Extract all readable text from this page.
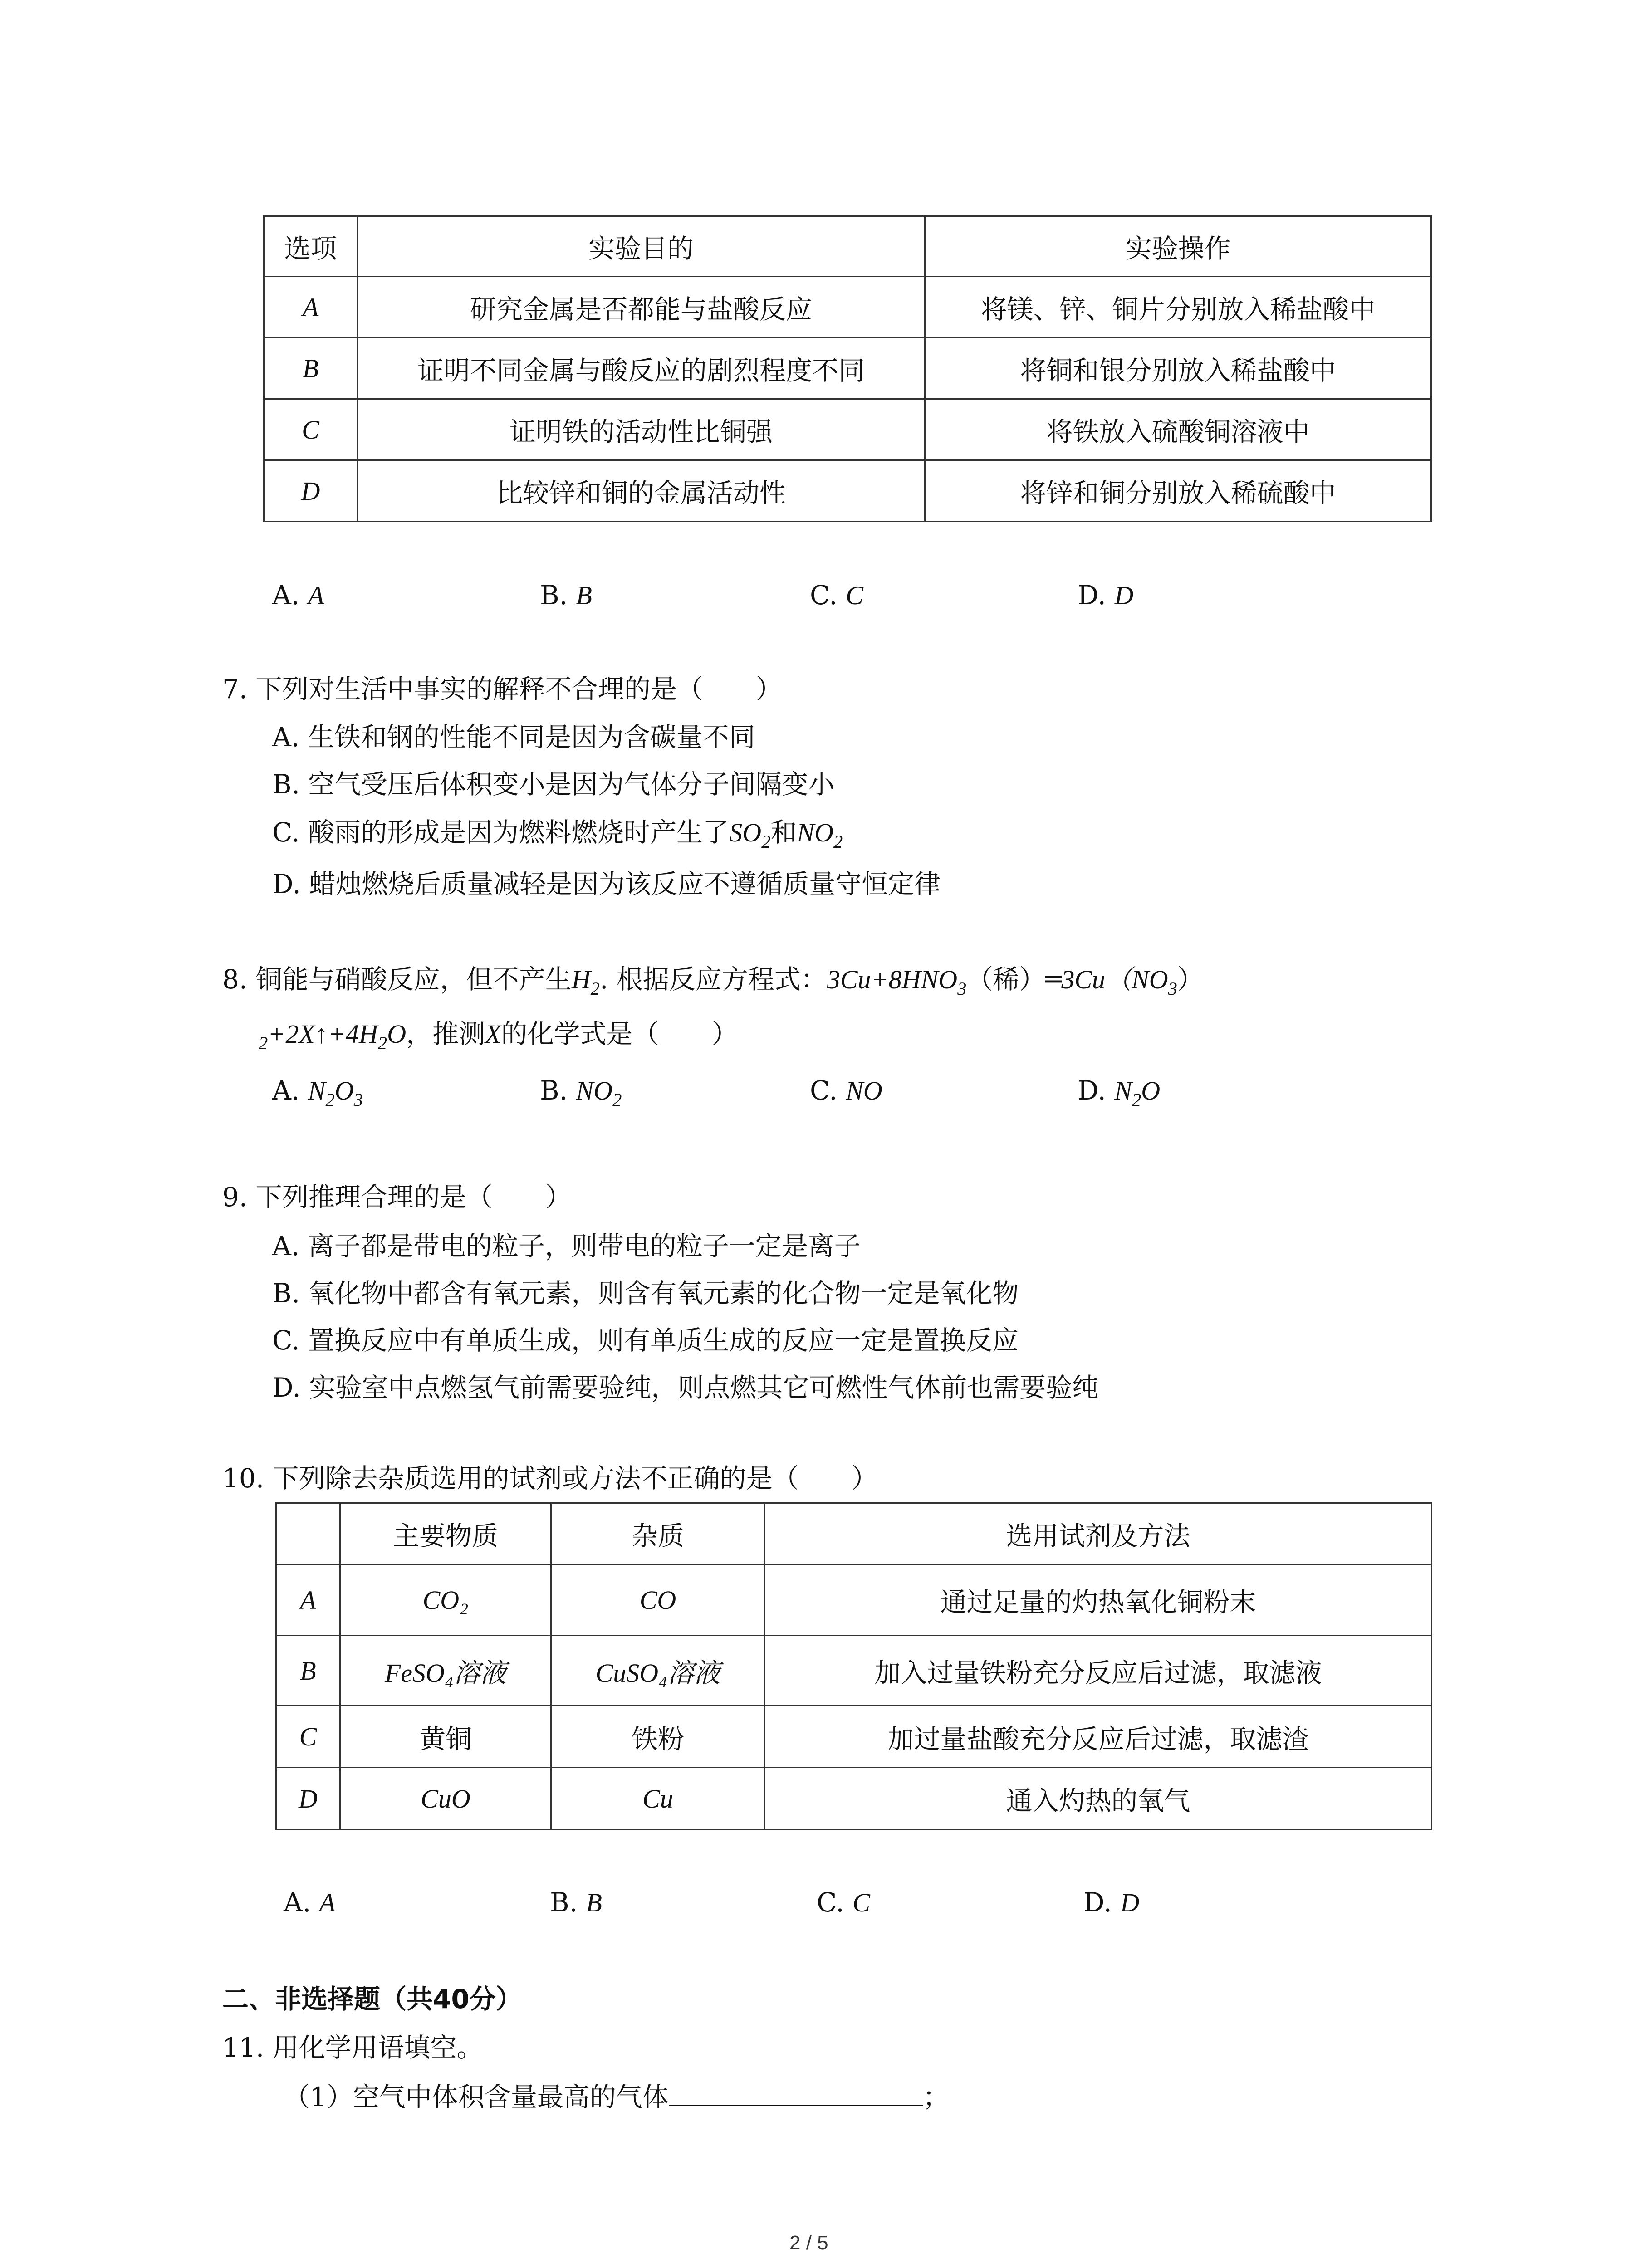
选项	实验目的	实验操作
A	研究金属是否都能与盐酸反应	将镁、锌、铜片分别放入稀盐酸中
B	证明不同金属与酸反应的剧烈程度不同	将铜和银分别放入稀盐酸中
C	证明铁的活动性比铜强	将铁放入硫酸铜溶液中
D	比较锌和铜的金属活动性	将锌和铜分别放入稀硫酸中
A. A	B. B	C. C	D. D
7. 下列对生活中事实的解释不合理的是（　　）
A. 生铁和钢的性能不同是因为含碳量不同
B. 空气受压后体积变小是因为气体分子间隔变小
C. 酸雨的形成是因为燃料燃烧时产生了$SO_2$和$NO_2$
D. 蜡烛燃烧后质量减轻是因为该反应不遵循质量守恒定律
8. 铜能与硝酸反应，但不产生$H_2$. 根据反应方程式：$3Cu+8HNO_3$（稀）$═3Cu(NO_3)$
$_2+2X↑+4H_2O$，推测X的化学式是（　　）
A. $N_2O_3$	B. $NO_2$	C. NO	D. $N_2O$
9. 下列推理合理的是（　　）
A. 离子都是带电的粒子，则带电的粒子一定是离子
B. 氧化物中都含有氧元素，则含有氧元素的化合物一定是氧化物
C. 置换反应中有单质生成，则有单质生成的反应一定是置换反应
D. 实验室中点燃氢气前需要验纯，则点燃其它可燃性气体前也需要验纯
10. 下列除去杂质选用的试剂或方法不正确的是（　　）
	主要物质	杂质	选用试剂及方法
A	CO₂	CO	通过足量的灼热氧化铜粉末
B	FeSO₄溶液	CuSO₄溶液	加入过量铁粉充分反应后过滤，取滤液
C	黄铜	铁粉	加过量盐酸充分反应后过滤，取滤渣
D	CuO	Cu	通入灼热的氧气
A. A	B. B	C. C	D. D
二、非选择题（共40分）
11. 用化学用语填空。
（1）空气中体积含量最高的气体	；
2 / 5
